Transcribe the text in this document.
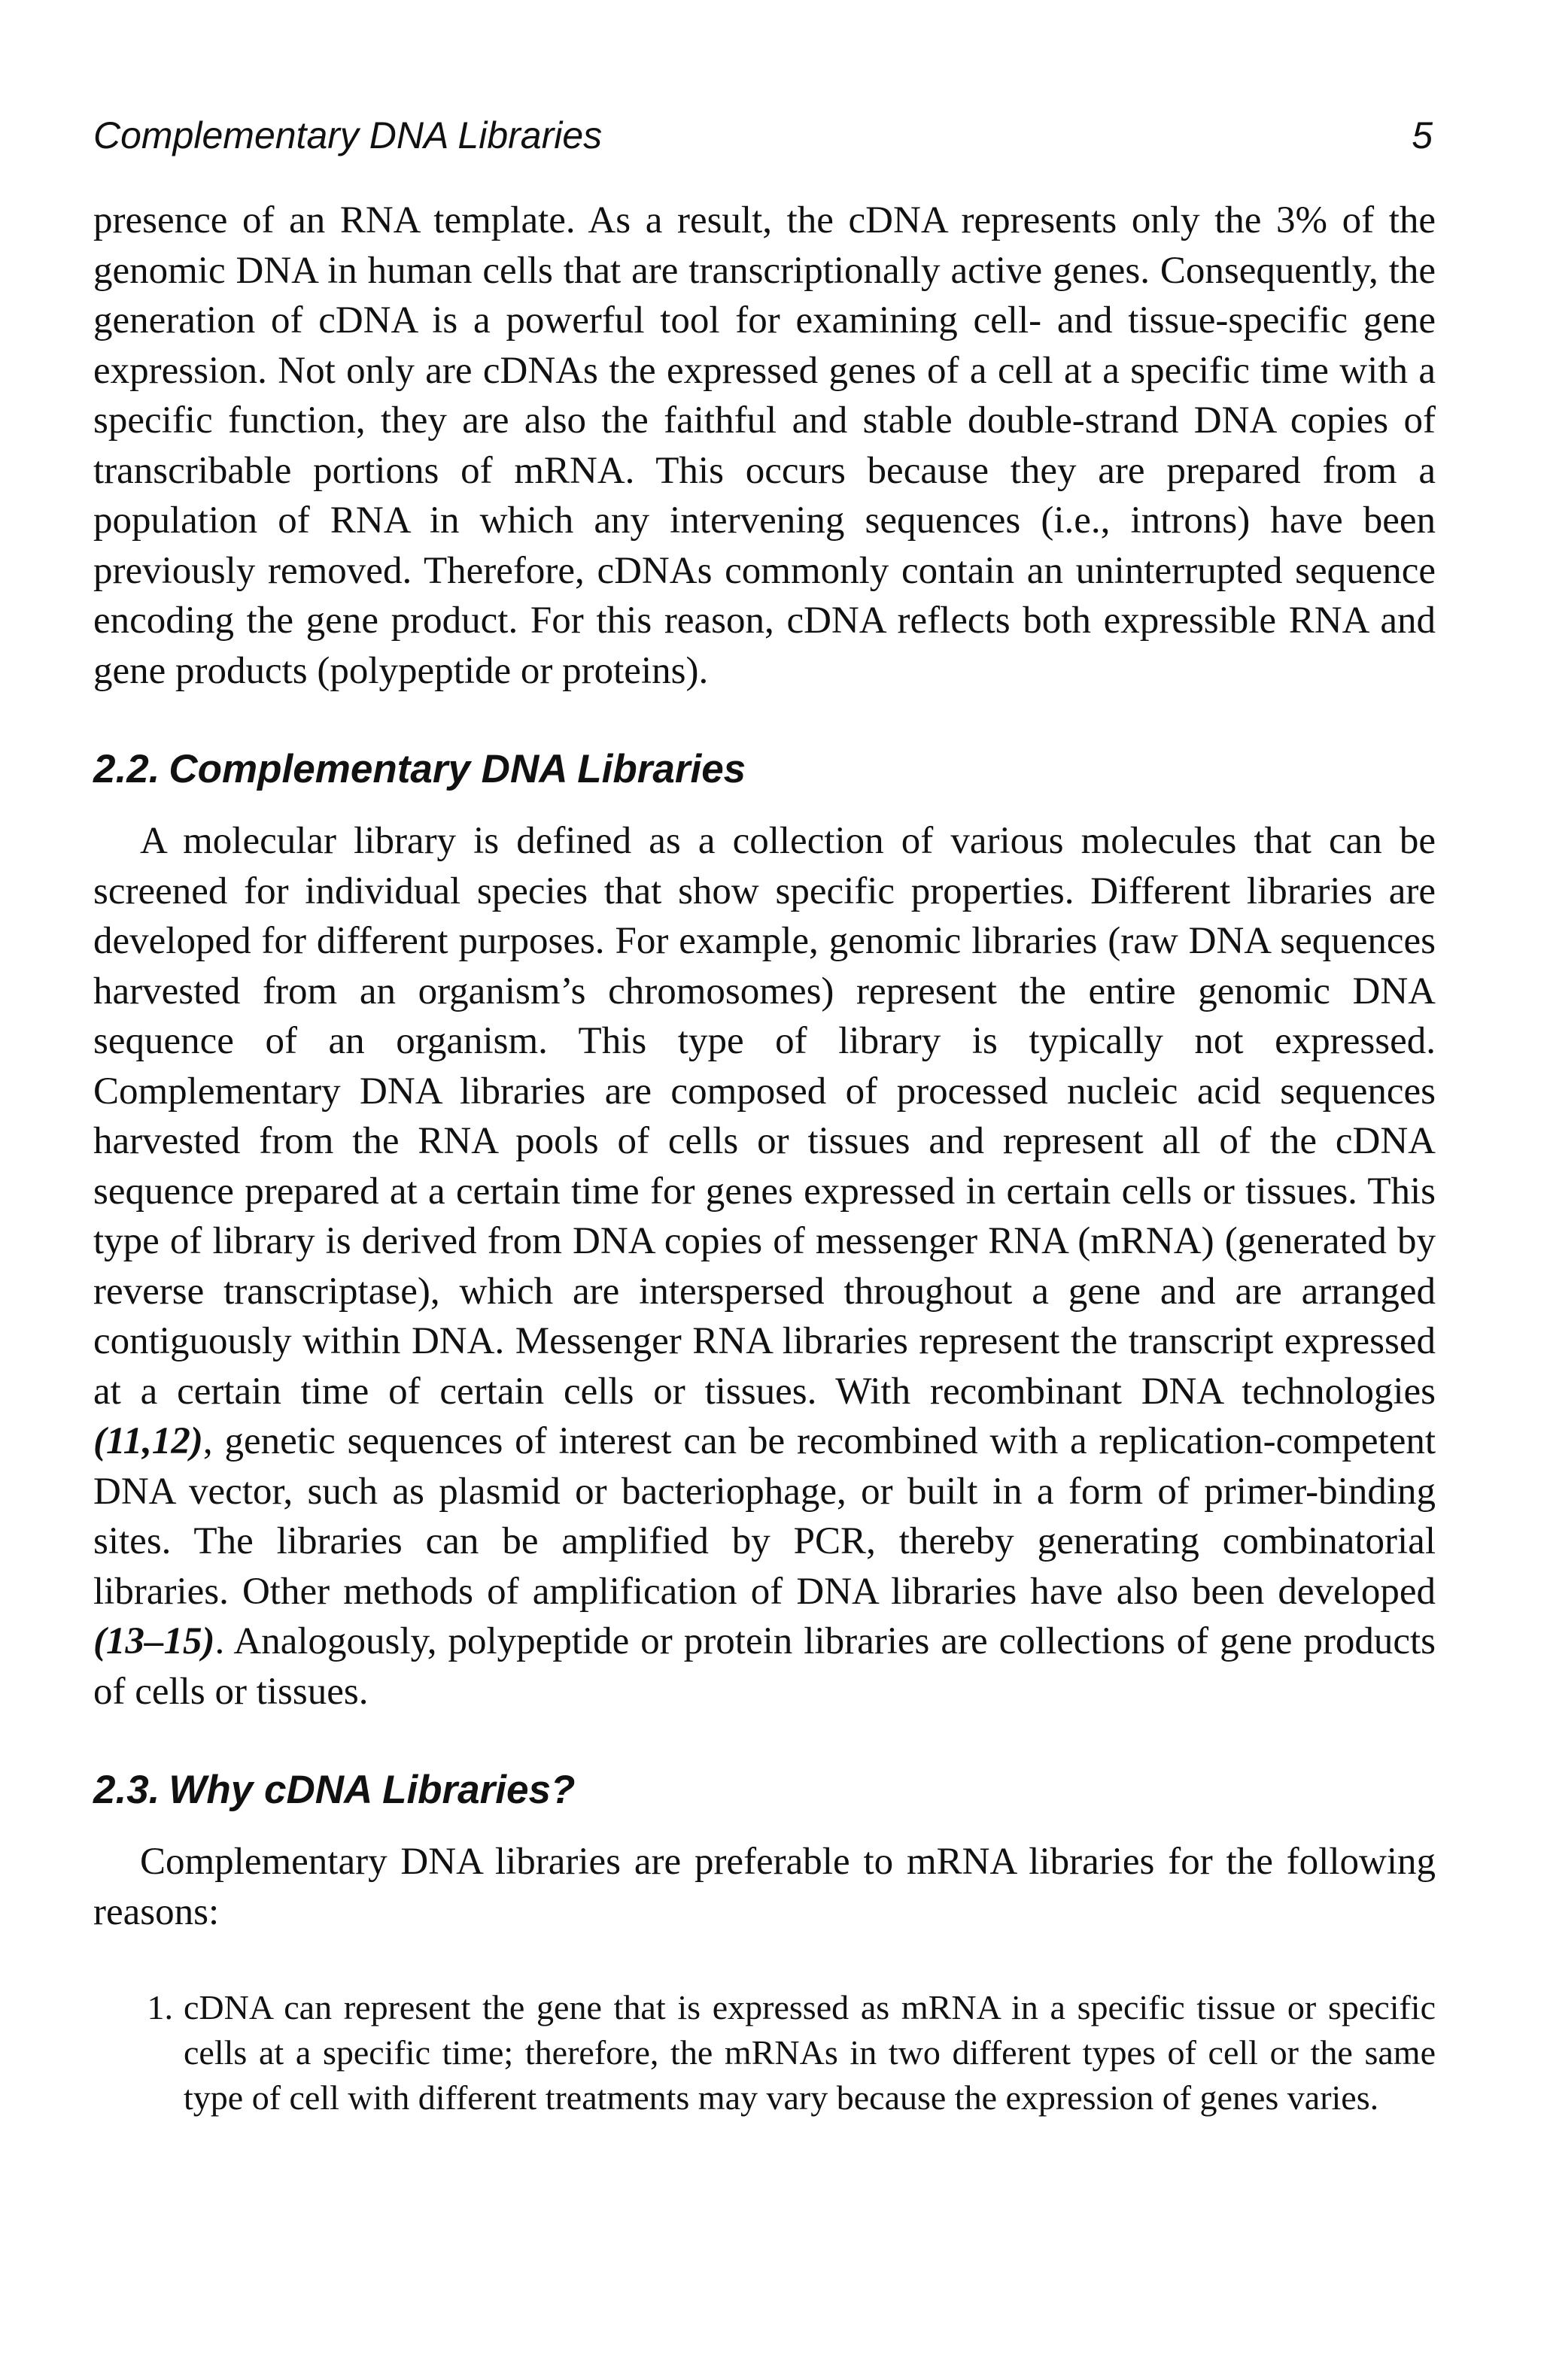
Complementary DNA Libraries	5

presence of an RNA template. As a result, the cDNA represents only the 3% of the genomic DNA in human cells that are transcriptionally active genes. Consequently, the generation of cDNA is a powerful tool for examining cell- and tissue-specific gene expression. Not only are cDNAs the expressed genes of a cell at a specific time with a specific function, they are also the faithful and stable double-strand DNA copies of transcribable portions of mRNA. This occurs because they are prepared from a population of RNA in which any intervening sequences (i.e., introns) have been previously removed. Therefore, cDNAs commonly contain an uninterrupted sequence encoding the gene product. For this reason, cDNA reflects both expressible RNA and gene products (polypeptide or proteins).

2.2. Complementary DNA Libraries

A molecular library is defined as a collection of various molecules that can be screened for individual species that show specific properties. Different libraries are developed for different purposes. For example, genomic libraries (raw DNA sequences harvested from an organism’s chromosomes) represent the entire genomic DNA sequence of an organism. This type of library is typically not expressed. Complementary DNA libraries are composed of processed nucleic acid sequences harvested from the RNA pools of cells or tissues and represent all of the cDNA sequence prepared at a certain time for genes expressed in certain cells or tissues. This type of library is derived from DNA copies of messenger RNA (mRNA) (generated by reverse transcriptase), which are interspersed throughout a gene and are arranged contiguously within DNA. Messenger RNA libraries represent the transcript expressed at a certain time of certain cells or tissues. With recombinant DNA technologies (11,12), genetic sequences of interest can be recombined with a replication-competent DNA vector, such as plasmid or bacteriophage, or built in a form of primer-binding sites. The libraries can be amplified by PCR, thereby generating combinatorial libraries. Other methods of amplification of DNA libraries have also been developed (13–15). Analogously, polypeptide or protein libraries are collections of gene products of cells or tissues.

2.3. Why cDNA Libraries?

Complementary DNA libraries are preferable to mRNA libraries for the following reasons:

1. cDNA can represent the gene that is expressed as mRNA in a specific tissue or specific cells at a specific time; therefore, the mRNAs in two different types of cell or the same type of cell with different treatments may vary because the expression of genes varies.
